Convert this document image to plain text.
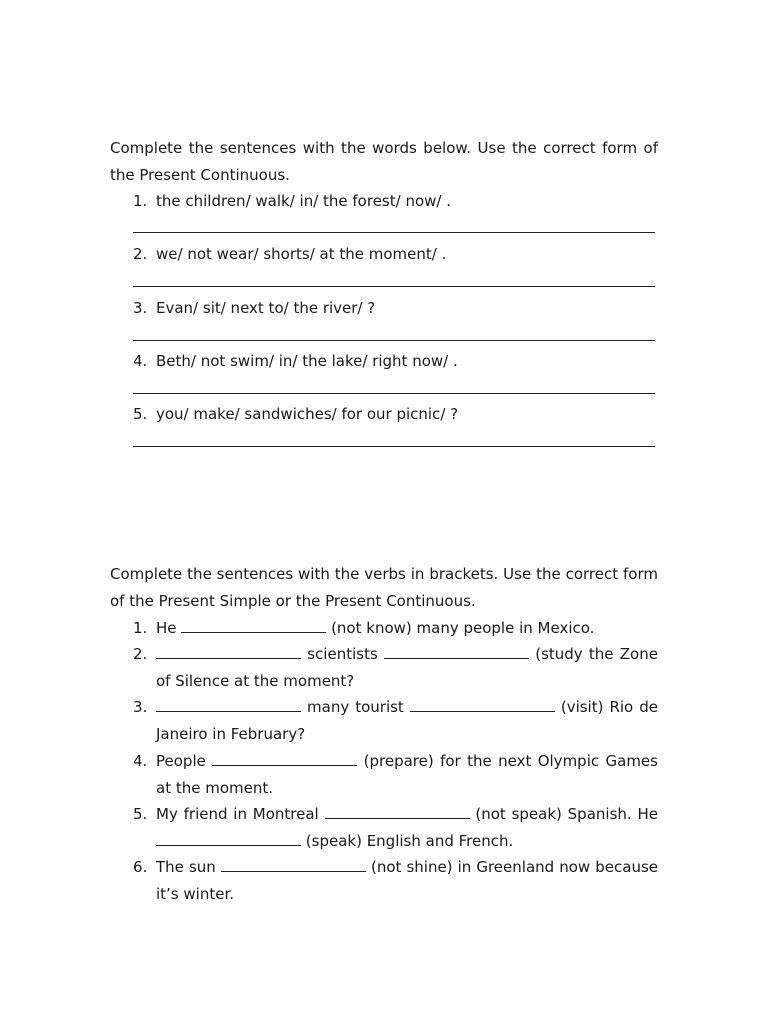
Complete the sentences with the words below. Use the correct form of the Present Continuous.
1. the children/ walk/ in/ the forest/ now/ .
2. we/ not wear/ shorts/ at the moment/ .
3. Evan/ sit/ next to/ the river/ ?
4. Beth/ not swim/ in/ the lake/ right now/ .
5. you/ make/ sandwiches/ for our picnic/ ?
Complete the sentences with the verbs in brackets. Use the correct form of the Present Simple or the Present Continuous.
1. He	(not know) many people in Mexico.
2.	scientists	(study the Zone of Silence at the moment?
3.	many tourist	(visit) Rio de Janeiro in February?
4. People	(prepare) for the next Olympic Games at the moment.
5. My friend in Montreal	(not speak) Spanish. He  (speak) English and French.
6. The sun	(not shine) in Greenland now because it’s winter.
